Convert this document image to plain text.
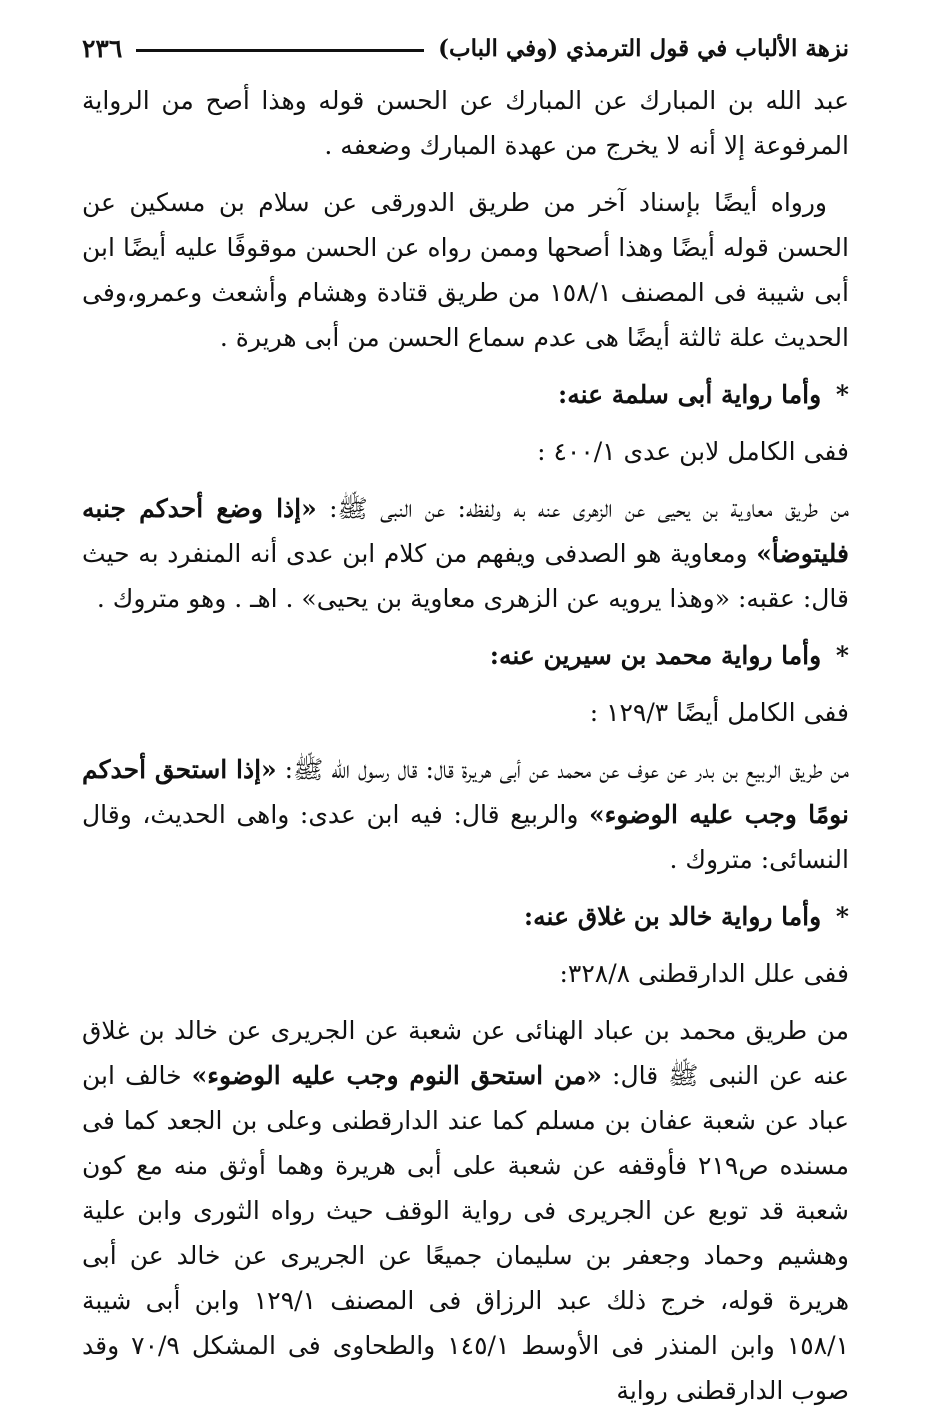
نزهة الألباب في قول الترمذي (وفي الباب)
٢٣٦

عبد الله بن المبارك عن المبارك عن الحسن قوله وهذا أصح من الرواية المرفوعة إلا أنه لا يخرج من عهدة المبارك وضعفه .

ورواه أيضًا بإسناد آخر من طريق الدورقى عن سلام بن مسكين عن الحسن قوله أيضًا وهذا أصحها وممن رواه عن الحسن موقوفًا عليه أيضًا ابن أبى شيبة فى المصنف ١٥٨/١ من طريق قتادة وهشام وأشعث وعمرو،وفى الحديث علة ثالثة أيضًا هى عدم سماع الحسن من أبى هريرة .

* وأما رواية أبى سلمة عنه:

ففى الكامل لابن عدى ٤٠٠/١ :

من طريق معاوية بن يحيى عن الزهرى عنه به ولفظه: عن النبى ﷺ: «إذا وضع أحدكم جنبه فليتوضأ» ومعاوية هو الصدفى ويفهم من كلام ابن عدى أنه المنفرد به حيث قال: عقبه: «وهذا يرويه عن الزهرى معاوية بن يحيى» . اهـ . وهو متروك .

* وأما رواية محمد بن سيرين عنه:

ففى الكامل أيضًا ١٢٩/٣ :

من طريق الربيع بن بدر عن عوف عن محمد عن أبى هريرة قال: قال رسول الله ﷺ: «إذا استحق أحدكم نومًا وجب عليه الوضوء» والربيع قال: فيه ابن عدى: واهى الحديث، وقال النسائى: متروك .

* وأما رواية خالد بن غلاق عنه:

ففى علل الدارقطنى ٣٢٨/٨:

من طريق محمد بن عباد الهنائى عن شعبة عن الجريرى عن خالد بن غلاق عنه عن النبى ﷺ قال: «من استحق النوم وجب عليه الوضوء» خالف ابن عباد عن شعبة عفان بن مسلم كما عند الدارقطنى وعلى بن الجعد كما فى مسنده ص٢١٩ فأوقفه عن شعبة على أبى هريرة وهما أوثق منه مع كون شعبة قد توبع عن الجريرى فى رواية الوقف حيث رواه الثورى وابن علية وهشيم وحماد وجعفر بن سليمان جميعًا عن الجريرى عن خالد عن أبى هريرة قوله، خرج ذلك عبد الرزاق فى المصنف ١٢٩/١ وابن أبى شيبة ١٥٨/١ وابن المنذر فى الأوسط ١٤٥/١ والطحاوى فى المشكل ٧٠/٩ وقد صوب الدارقطنى رواية
